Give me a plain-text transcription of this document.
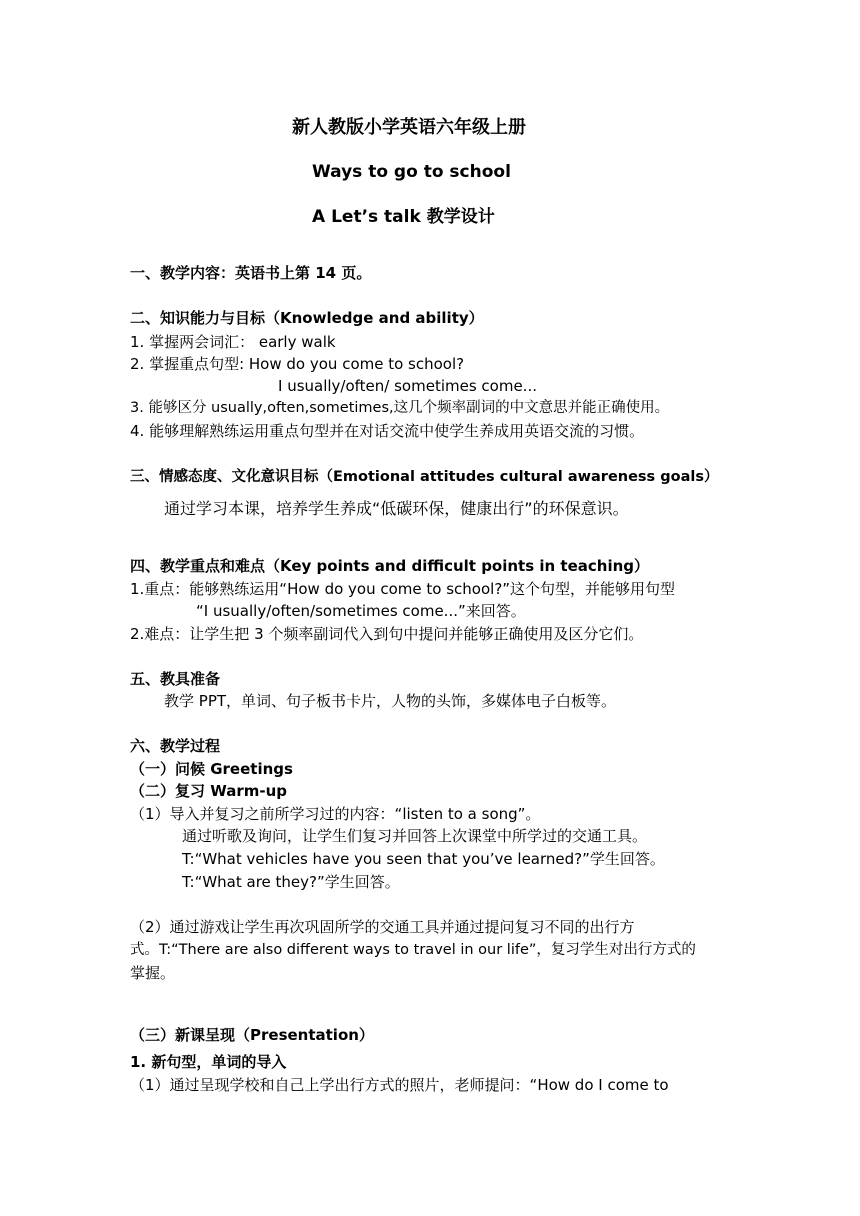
新人教版小学英语六年级上册
Ways to go to school
A Let’s talk 教学设计
一、教学内容：英语书上第 14 页。
二、知识能力与目标（Knowledge and ability）
1. 掌握两会词汇： early walk
2. 掌握重点句型: How do you come to school?
I usually/often/ sometimes come...
3. 能够区分 usually,often,sometimes,这几个频率副词的中文意思并能正确使用。
4. 能够理解熟练运用重点句型并在对话交流中使学生养成用英语交流的习惯。
三、情感态度、文化意识目标（Emotional attitudes cultural awareness goals）
通过学习本课，培养学生养成“低碳环保，健康出行”的环保意识。
四、教学重点和难点（Key points and difficult points in teaching）
1.重点：能够熟练运用“How do you come to school?”这个句型，并能够用句型
“I usually/often/sometimes come...”来回答。
2.难点：让学生把 3 个频率副词代入到句中提问并能够正确使用及区分它们。
五、教具准备
教学 PPT，单词、句子板书卡片，人物的头饰，多媒体电子白板等。
六、教学过程
（一）问候 Greetings
（二）复习 Warm-up
（1）导入并复习之前所学习过的内容：“listen to a song”。
通过听歌及询问，让学生们复习并回答上次课堂中所学过的交通工具。
T:“What vehicles have you seen that you’ve learned?”学生回答。
T:“What are they?”学生回答。
（2）通过游戏让学生再次巩固所学的交通工具并通过提问复习不同的出行方
式。T:“There are also different ways to travel in our life”，复习学生对出行方式的
掌握。
（三）新课呈现（Presentation）
1. 新句型，单词的导入
（1）通过呈现学校和自己上学出行方式的照片，老师提问：“How do I come to
